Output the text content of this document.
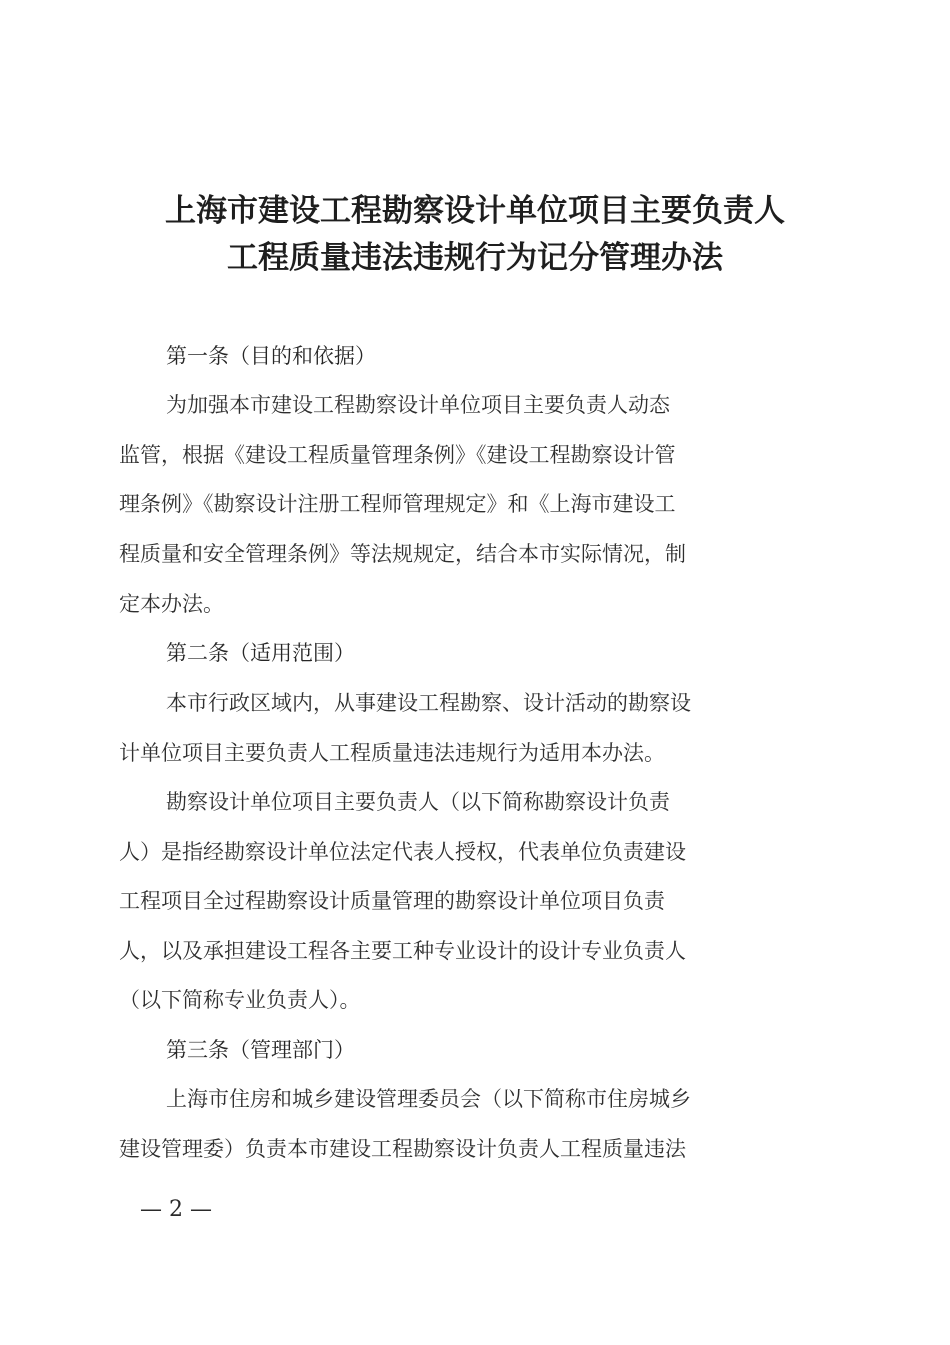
上海市建设工程勘察设计单位项目主要负责人
工程质量违法违规行为记分管理办法
第一条（目的和依据）
为加强本市建设工程勘察设计单位项目主要负责人动态
监管，根据《建设工程质量管理条例》《建设工程勘察设计管
理条例》《勘察设计注册工程师管理规定》和《上海市建设工
程质量和安全管理条例》等法规规定，结合本市实际情况，制
定本办法。
第二条（适用范围）
本市行政区域内，从事建设工程勘察、设计活动的勘察设
计单位项目主要负责人工程质量违法违规行为适用本办法。
勘察设计单位项目主要负责人（以下简称勘察设计负责
人）是指经勘察设计单位法定代表人授权，代表单位负责建设
工程项目全过程勘察设计质量管理的勘察设计单位项目负责
人，以及承担建设工程各主要工种专业设计的设计专业负责人
（以下简称专业负责人）。
第三条（管理部门）
上海市住房和城乡建设管理委员会（以下简称市住房城乡
建设管理委）负责本市建设工程勘察设计负责人工程质量违法
— 2 —
